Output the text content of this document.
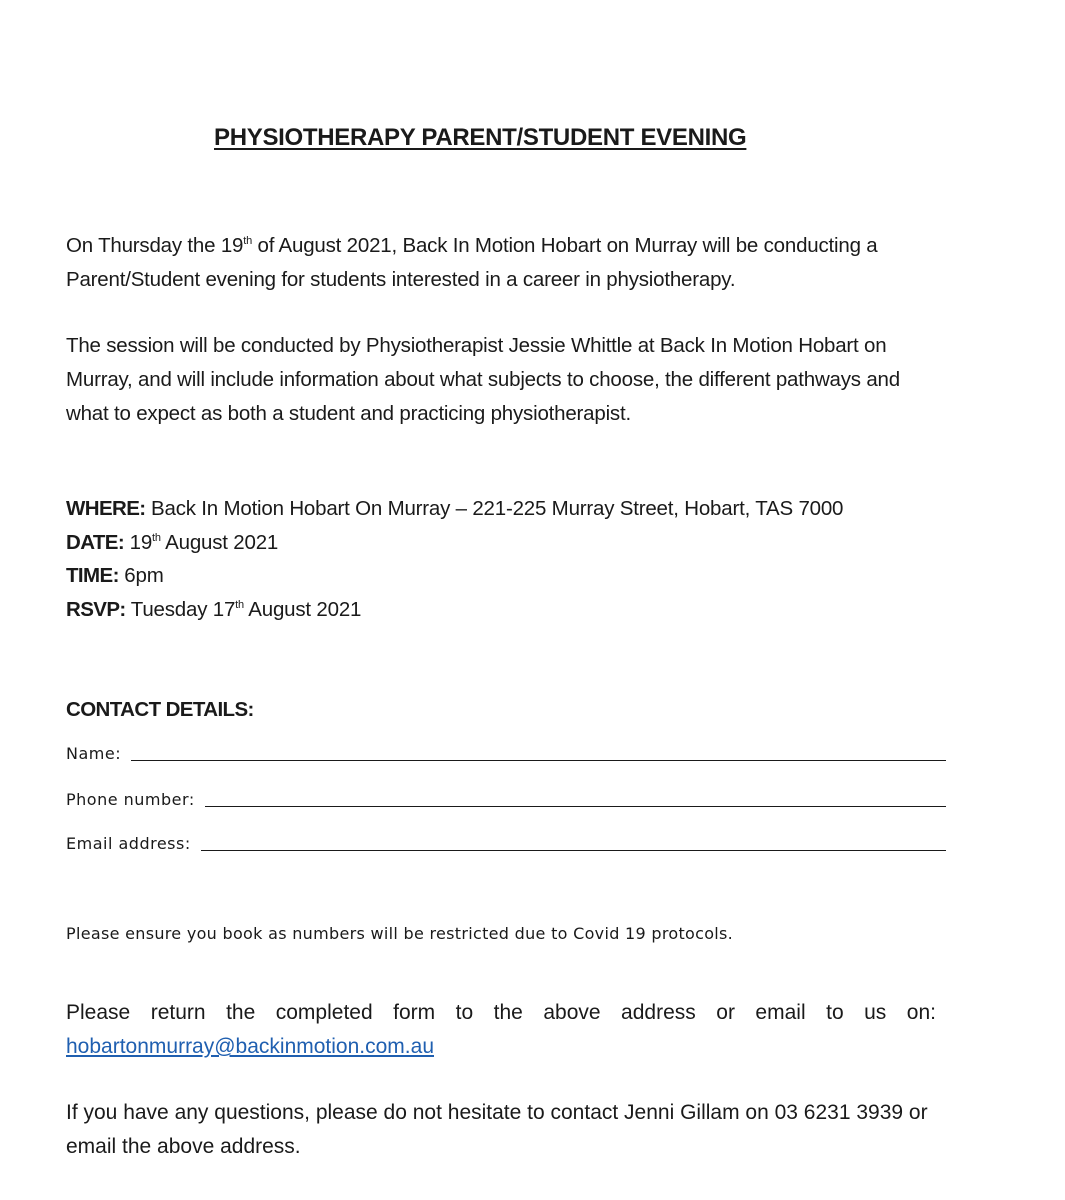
PHYSIOTHERAPY PARENT/STUDENT EVENING
On Thursday the 19th of August 2021, Back In Motion Hobart on Murray will be conducting a Parent/Student evening for students interested in a career in physiotherapy.
The session will be conducted by Physiotherapist Jessie Whittle at Back In Motion Hobart on Murray, and will include information about what subjects to choose, the different pathways and what to expect as both a student and practicing physiotherapist.
WHERE: Back In Motion Hobart On Murray – 221-225 Murray Street, Hobart, TAS 7000
DATE: 19th August 2021
TIME: 6pm
RSVP: Tuesday 17th August 2021
CONTACT DETAILS:
Name:
Phone number:
Email address:
Please ensure you book as numbers will be restricted due to Covid 19 protocols.
Please return the completed form to the above address or email to us on:
hobartonmurray@backinmotion.com.au
If you have any questions, please do not hesitate to contact Jenni Gillam on 03 6231 3939 or email the above address.
